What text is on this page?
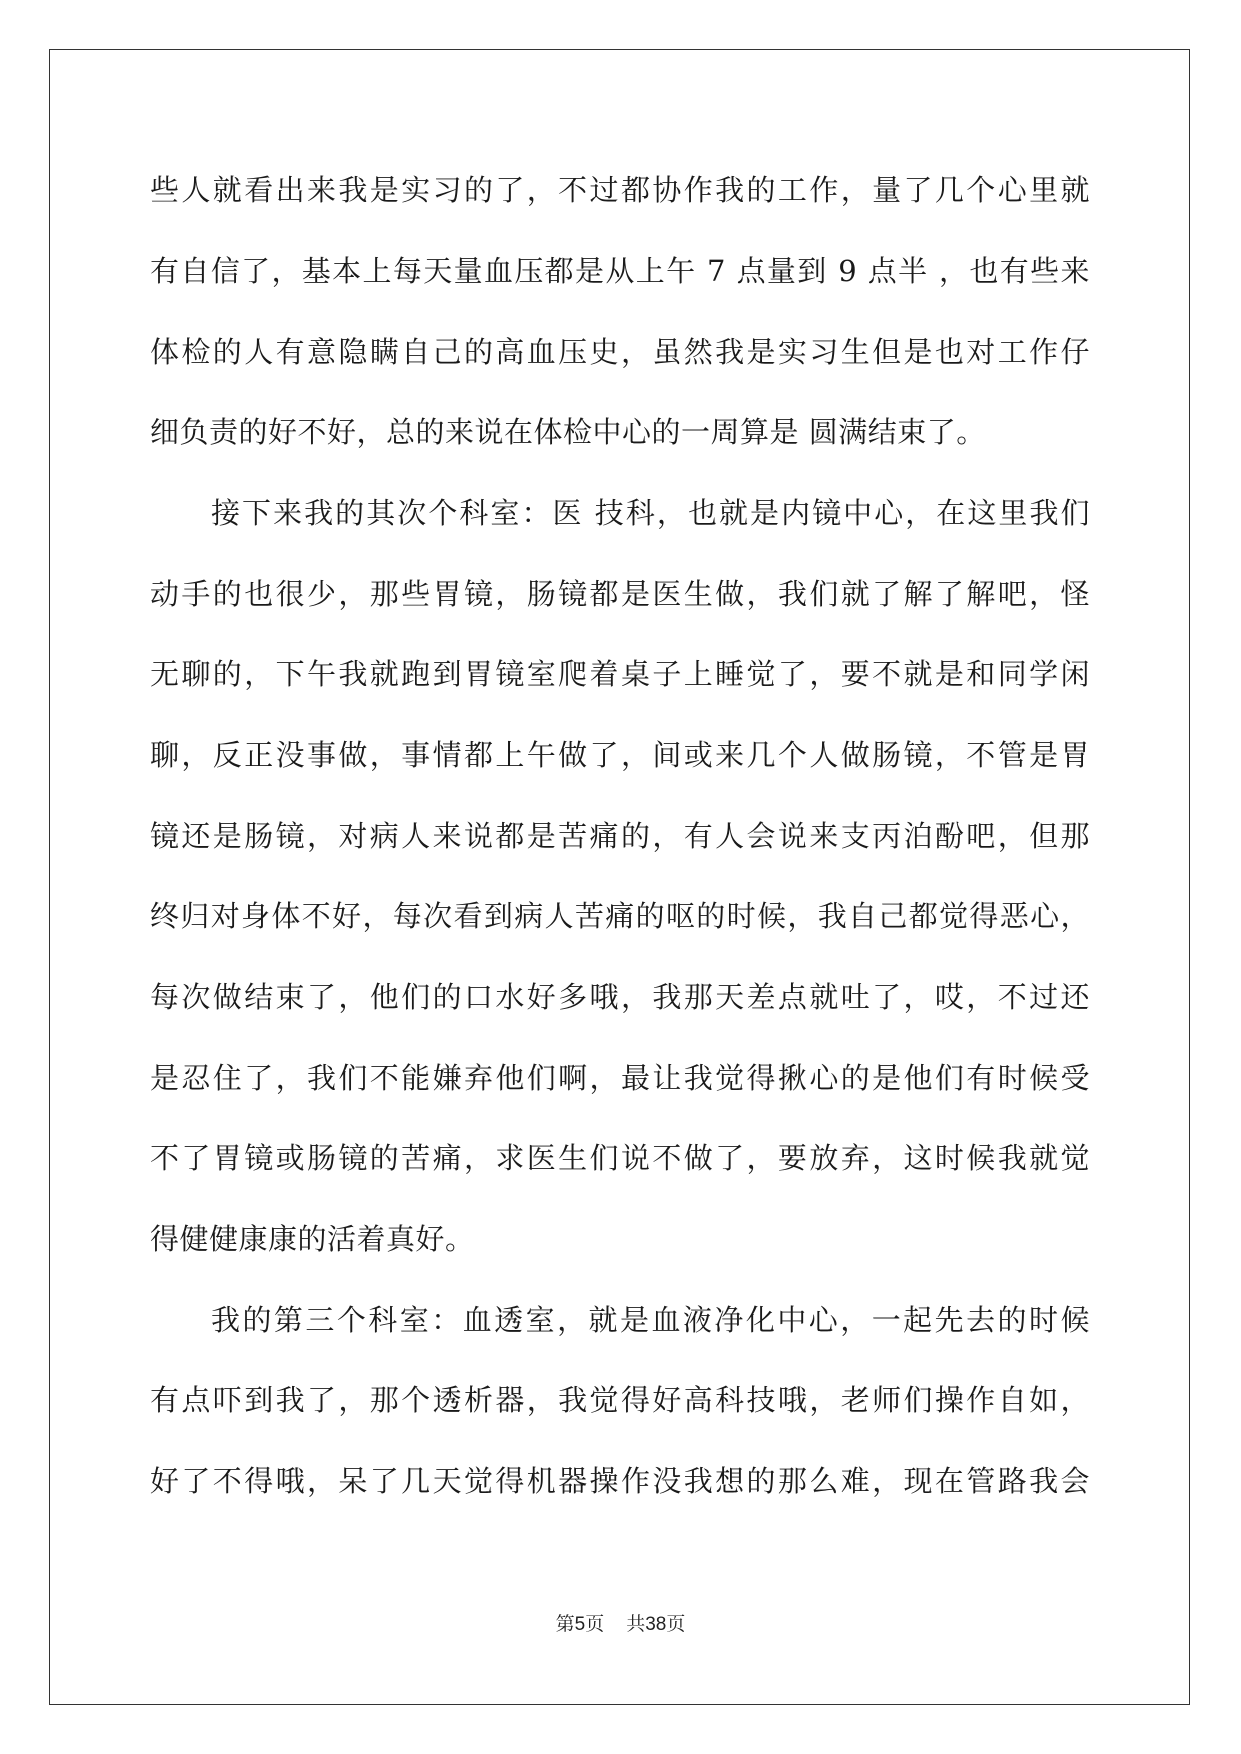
些人就看出来我是实习的了，不过都协作我的工作，量了几个心里就
有自信了，基本上每天量血压都是从上午 7 点量到 9 点半 ，也有些来
体检的人有意隐瞒自己的高血压史，虽然我是实习生但是也对工作仔
细负责的好不好，总的来说在体检中心的一周算是 圆满结束了。
接下来我的其次个科室：医 技科，也就是内镜中心，在这里我们
动手的也很少，那些胃镜，肠镜都是医生做，我们就了解了解吧，怪
无聊的，下午我就跑到胃镜室爬着桌子上睡觉了，要不就是和同学闲
聊，反正没事做，事情都上午做了，间或来几个人做肠镜，不管是胃
镜还是肠镜，对病人来说都是苦痛的，有人会说来支丙泊酚吧，但那
终归对身体不好，每次看到病人苦痛的呕的时候，我自己都觉得恶心，
每次做结束了，他们的口水好多哦，我那天差点就吐了，哎，不过还
是忍住了，我们不能嫌弃他们啊，最让我觉得揪心的是他们有时候受
不了胃镜或肠镜的苦痛，求医生们说不做了，要放弃，这时候我就觉
得健健康康的活着真好。
我的第三个科室：血透室，就是血液净化中心，一起先去的时候
有点吓到我了，那个透析器，我觉得好高科技哦，老师们操作自如，
好了不得哦，呆了几天觉得机器操作没我想的那么难，现在管路我会
第5页 共38页
